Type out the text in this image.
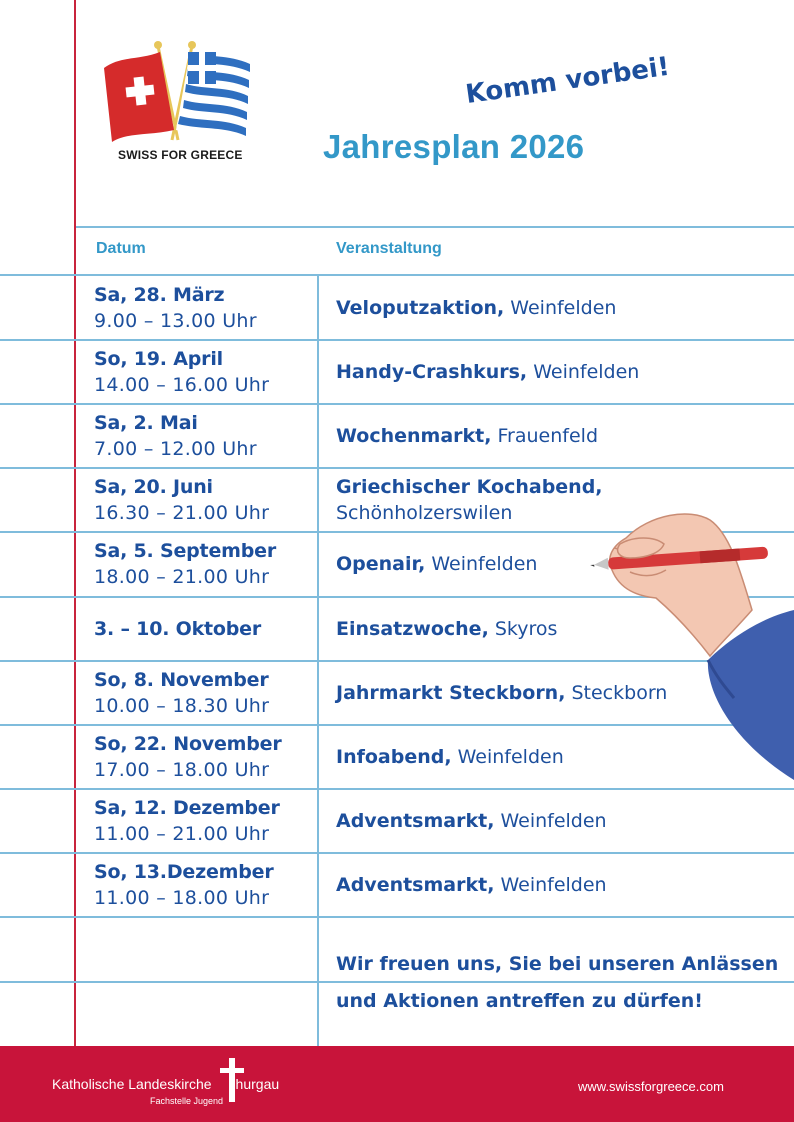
SWISS FOR GREECE
Komm vorbei!
Jahresplan 2026
Datum	Veranstaltung
Sa, 28. März
9.00 – 13.00 Uhr
Veloputzaktion, Weinfelden
So, 19. April
14.00 – 16.00 Uhr
Handy-Crashkurs, Weinfelden
Sa, 2. Mai
7.00 – 12.00 Uhr
Wochenmarkt, Frauenfeld
Sa, 20. Juni
16.30 – 21.00 Uhr
Griechischer Kochabend,
Schönholzerswilen
Sa, 5. September
18.00 – 21.00 Uhr
Openair, Weinfelden
3. – 10. Oktober	Einsatzwoche, Skyros
So, 8. November
10.00 – 18.30 Uhr
Jahrmarkt Steckborn, Steckborn
So, 22. November
17.00 – 18.00 Uhr
Infoabend, Weinfelden
Sa, 12. Dezember
11.00 – 21.00 Uhr
Adventsmarkt, Weinfelden
So, 13.Dezember
11.00 – 18.00 Uhr
Adventsmarkt, Weinfelden
Wir freuen uns, Sie bei unseren Anlässen
und Aktionen antreffen zu dürfen!
Katholische Landeskirche hurgau
Fachstelle Jugend
www.swissforgreece.com
